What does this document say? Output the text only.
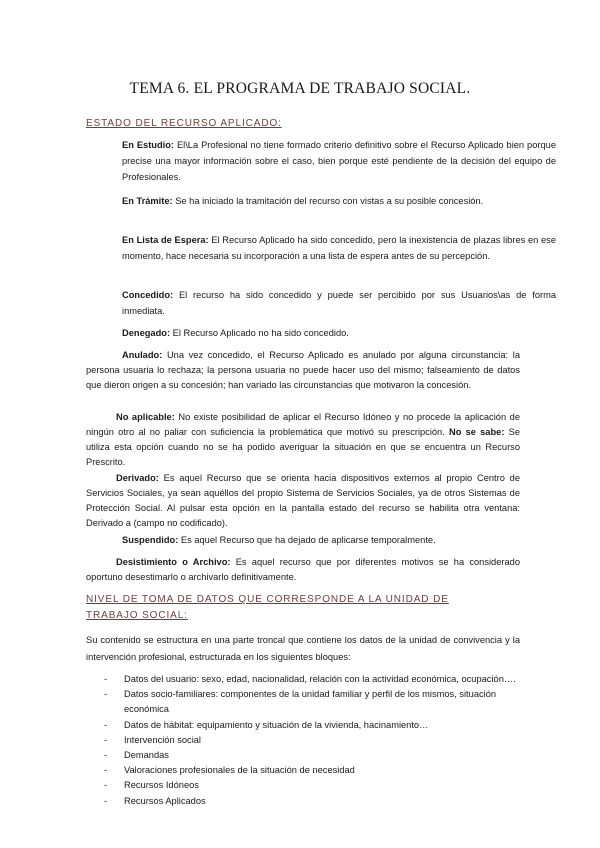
TEMA 6. EL PROGRAMA DE TRABAJO SOCIAL.

ESTADO DEL RECURSO APLICADO:

En Estudio: El\La Profesional no tiene formado criterio definitivo sobre el Recurso Aplicado bien porque precise una mayor información sobre el caso, bien porque esté pendiente de la decisión del equipo de Profesionales.

En Trámite: Se ha iniciado la tramitación del recurso con vistas a su posible concesión.

En Lista de Espera: El Recurso Aplicado ha sido concedido, pero la inexistencia de plazas libres en ese momento, hace necesaria su incorporación a una lista de espera antes de su percepción.

Concedido: El recurso ha sido concedido y puede ser percibido por sus Usuarios\as de forma inmediata.

Denegado: El Recurso Aplicado no ha sido concedido.

Anulado: Una vez concedido, el Recurso Aplicado es anulado por alguna circunstancia: la persona usuaria lo rechaza; la persona usuaria no puede hacer uso del mismo; falseamiento de datos que dieron origen a su concesión; han variado las circunstancias que motivaron la concesión.

No aplicable: No existe posibilidad de aplicar el Recurso Idóneo y no procede la aplicación de ningún otro al no paliar con suficiencia la problemática que motivó su prescripción. No se sabe: Se utiliza esta opción cuando no se ha podido averiguar la situación en que se encuentra un Recurso Prescrito.

Derivado: Es aquel Recurso que se orienta hacia dispositivos externos al propio Centro de Servicios Sociales, ya sean aquéllos del propio Sistema de Servicios Sociales, ya de otros Sistemas de Protección Social. Al pulsar esta opción en la pantalla estado del recurso se habilita otra ventana: Derivado a (campo no codificado).

Suspendido: Es aquel Recurso que ha dejado de aplicarse temporalmente.

Desistimiento o Archivo: Es aquel recurso que por diferentes motivos se ha considerado oportuno desestimarlo o archivarlo definitivamente.

NIVEL DE TOMA DE DATOS QUE CORRESPONDE A LA UNIDAD DE TRABAJO SOCIAL:

Su contenido se estructura en una parte troncal que contiene los datos de la unidad de convivencia y la intervención profesional, estructurada en los siguientes bloques:

- Datos del usuario: sexo, edad, nacionalidad, relación con la actividad económica, ocupación….
- Datos socio-familiares: componentes de la unidad familiar y perfil de los mismos, situación económica
- Datos de hábitat: equipamiento y situación de la vivienda, hacinamiento…
- Intervención social
- Demandas
- Valoraciones profesionales de la situación de necesidad
- Recursos Idóneos
- Recursos Aplicados
